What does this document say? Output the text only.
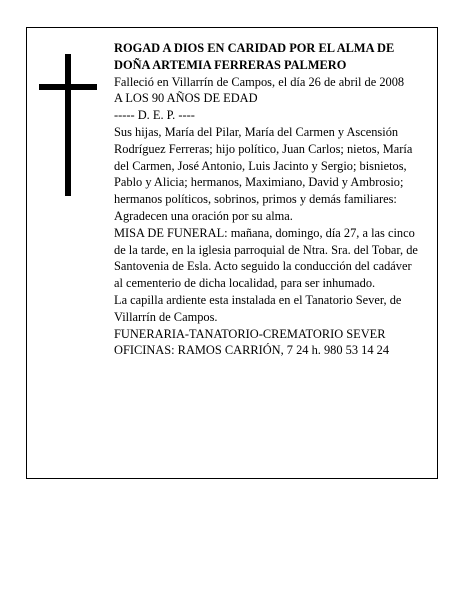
ROGAD A DIOS EN CARIDAD POR EL ALMA DE

DOÑA ARTEMIA FERRERAS PALMERO

Falleció en Villarrín de Campos, el día 26 de abril de 2008

A LOS 90 AÑOS DE EDAD

----- D. E. P. ----

Sus hijas, María del Pilar, María del Carmen y Ascensión Rodríguez Ferreras; hijo político, Juan Carlos; nietos, María del Carmen, José Antonio, Luis Jacinto y Sergio; bisnietos, Pablo y Alicia; hermanos, Maximiano, David y Ambrosio; hermanos políticos, sobrinos, primos y demás familiares:

Agradecen una oración por su alma.

MISA DE FUNERAL: mañana, domingo, día 27, a las cinco de la tarde, en la iglesia parroquial de Ntra. Sra. del Tobar, de Santovenia de Esla. Acto seguido la conducción del cadáver al cementerio de dicha localidad, para ser inhumado.

La capilla ardiente esta instalada en el Tanatorio Sever, de Villarrín de Campos.

FUNERARIA-TANATORIO-CREMATORIO SEVER

OFICINAS: RAMOS CARRIÓN, 7 24 h. 980 53 14 24
